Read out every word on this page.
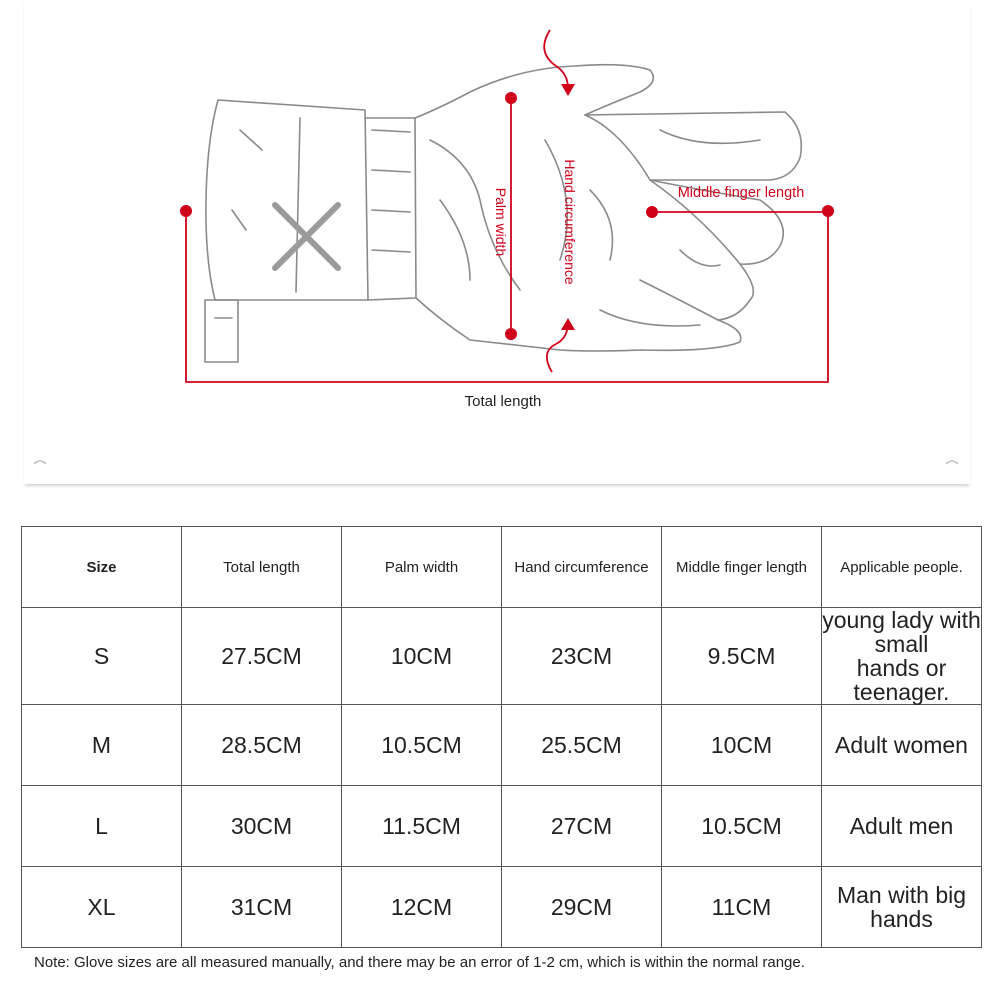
Middle finger length
Palm width	Hand circumference
Total length
Size	Total length	Palm width	Hand circumference	Middle finger length	Applicable people.
S	27.5CM	10CM	23CM	9.5CM	young lady with small
hands or teenager.
M	28.5CM	10.5CM	25.5CM	10CM	Adult women
L	30CM	11.5CM	27CM	10.5CM	Adult men
XL	31CM	12CM	29CM	11CM	Man with big hands
Note: Glove sizes are all measured manually, and there may be an error of 1-2 cm, which is within the normal range.
